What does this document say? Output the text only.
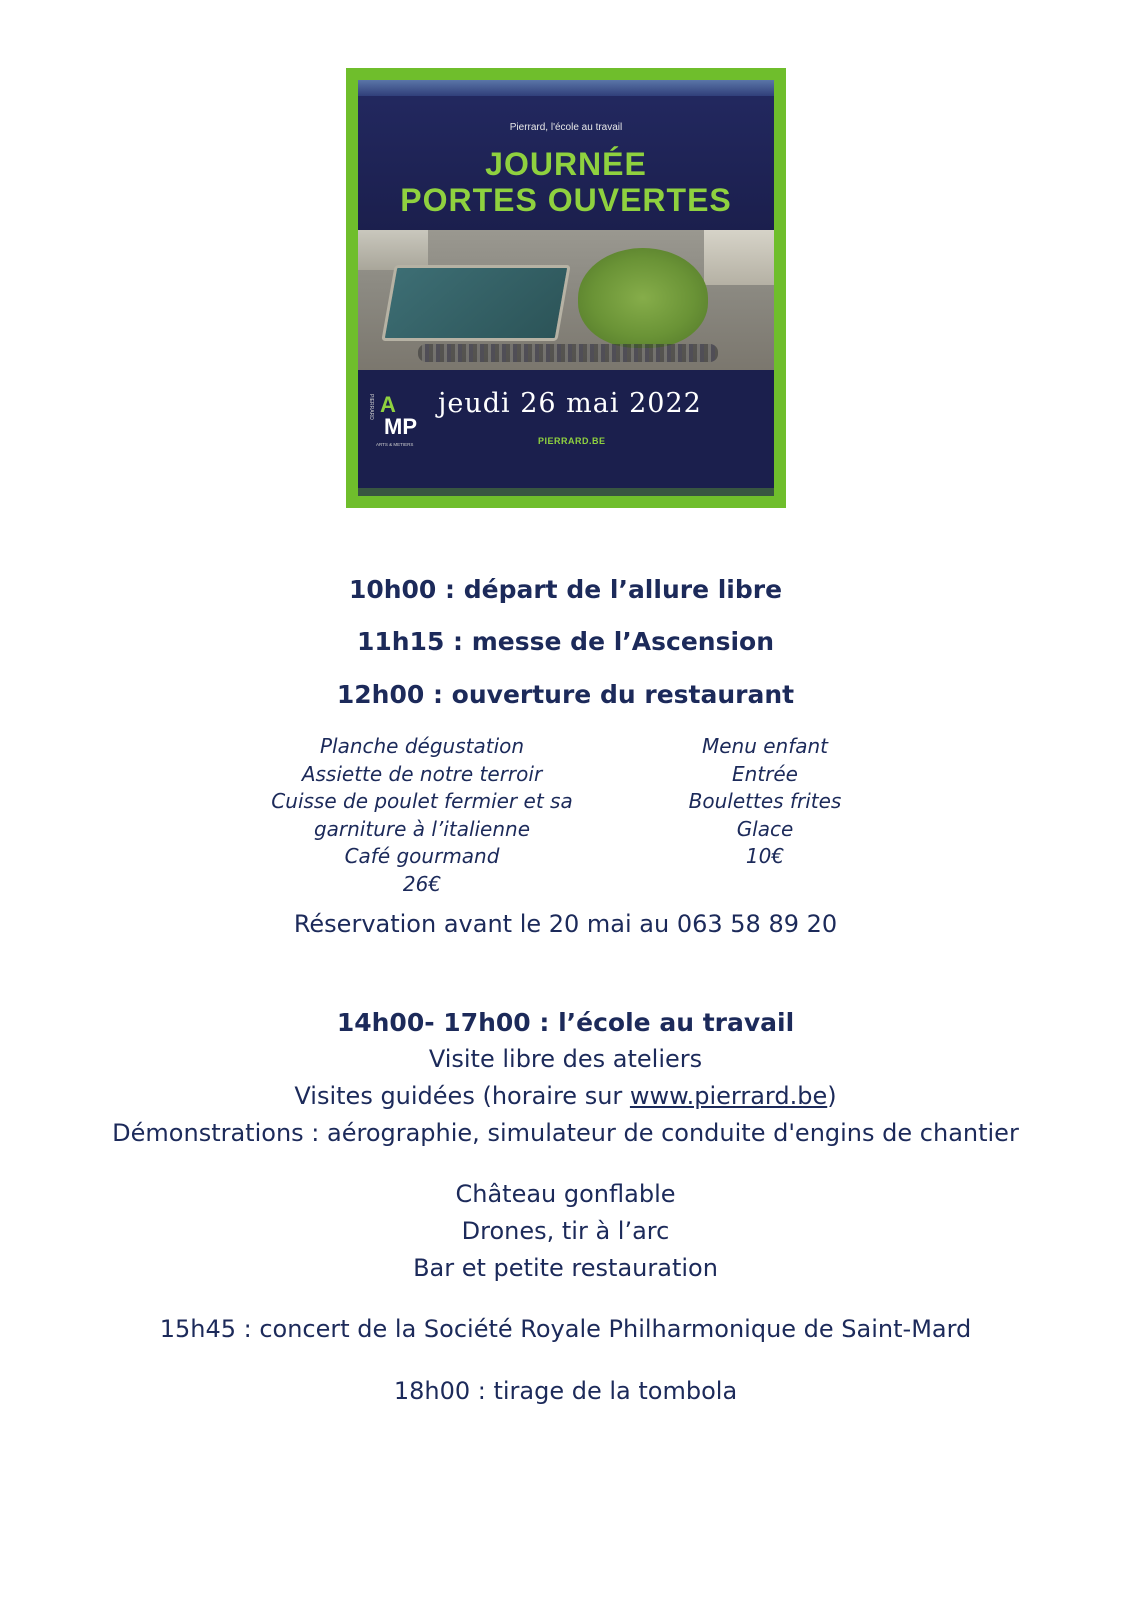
Pierrard, l'école au travail
JOURNÉE
PORTES OUVERTES
PIERRARD A
MP
ARTS & METIERS
jeudi 26 mai 2022
PIERRARD.BE
10h00 : départ de l’allure libre
11h15 : messe de l’Ascension
12h00 : ouverture du restaurant
Planche dégustation
Assiette de notre terroir
Cuisse de poulet fermier et sa
garniture à l’italienne
Café gourmand
26€
Menu enfant
Entrée
Boulettes frites
Glace
10€
Réservation avant le 20 mai au 063 58 89 20
14h00- 17h00 : l’école au travail
Visite libre des ateliers
Visites guidées (horaire sur www.pierrard.be)
Démonstrations : aérographie, simulateur de conduite d'engins de chantier
Château gonflable
Drones, tir à l’arc
Bar et petite restauration
15h45 : concert de la Société Royale Philharmonique de Saint-Mard
18h00 : tirage de la tombola
